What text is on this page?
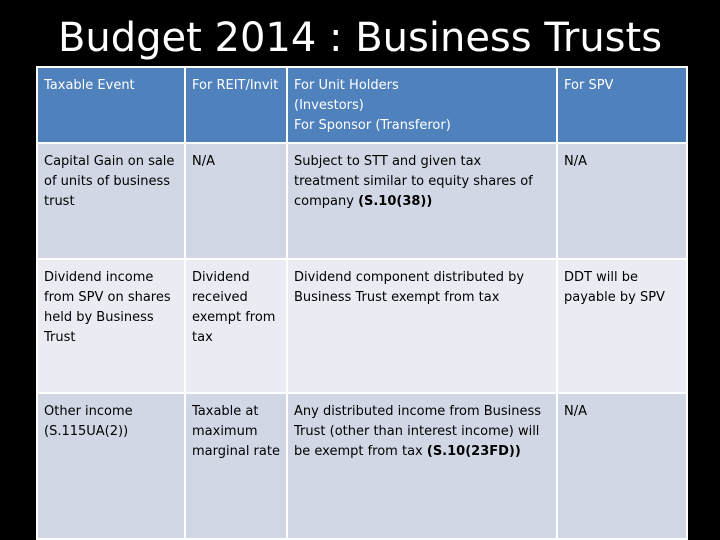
Budget 2014 : Business Trusts
Taxable Event	For REIT/Invit	For Unit Holders (Investors)For Sponsor (Transferor)	For SPV
Capital Gain on sale of units of business trust	N/A	Subject to STT and given tax treatment similar to equity shares of company (S.10(38))	N/A
Dividend income from SPV on shares held by Business Trust	Dividend received exempt from tax	Dividend component distributed by Business Trust exempt from tax	DDT will be payable by SPV
Other income (S.115UA(2))	Taxable at maximum marginal rate	Any distributed income from Business Trust (other than interest income) will be exempt from tax (S.10(23FD))	N/A
